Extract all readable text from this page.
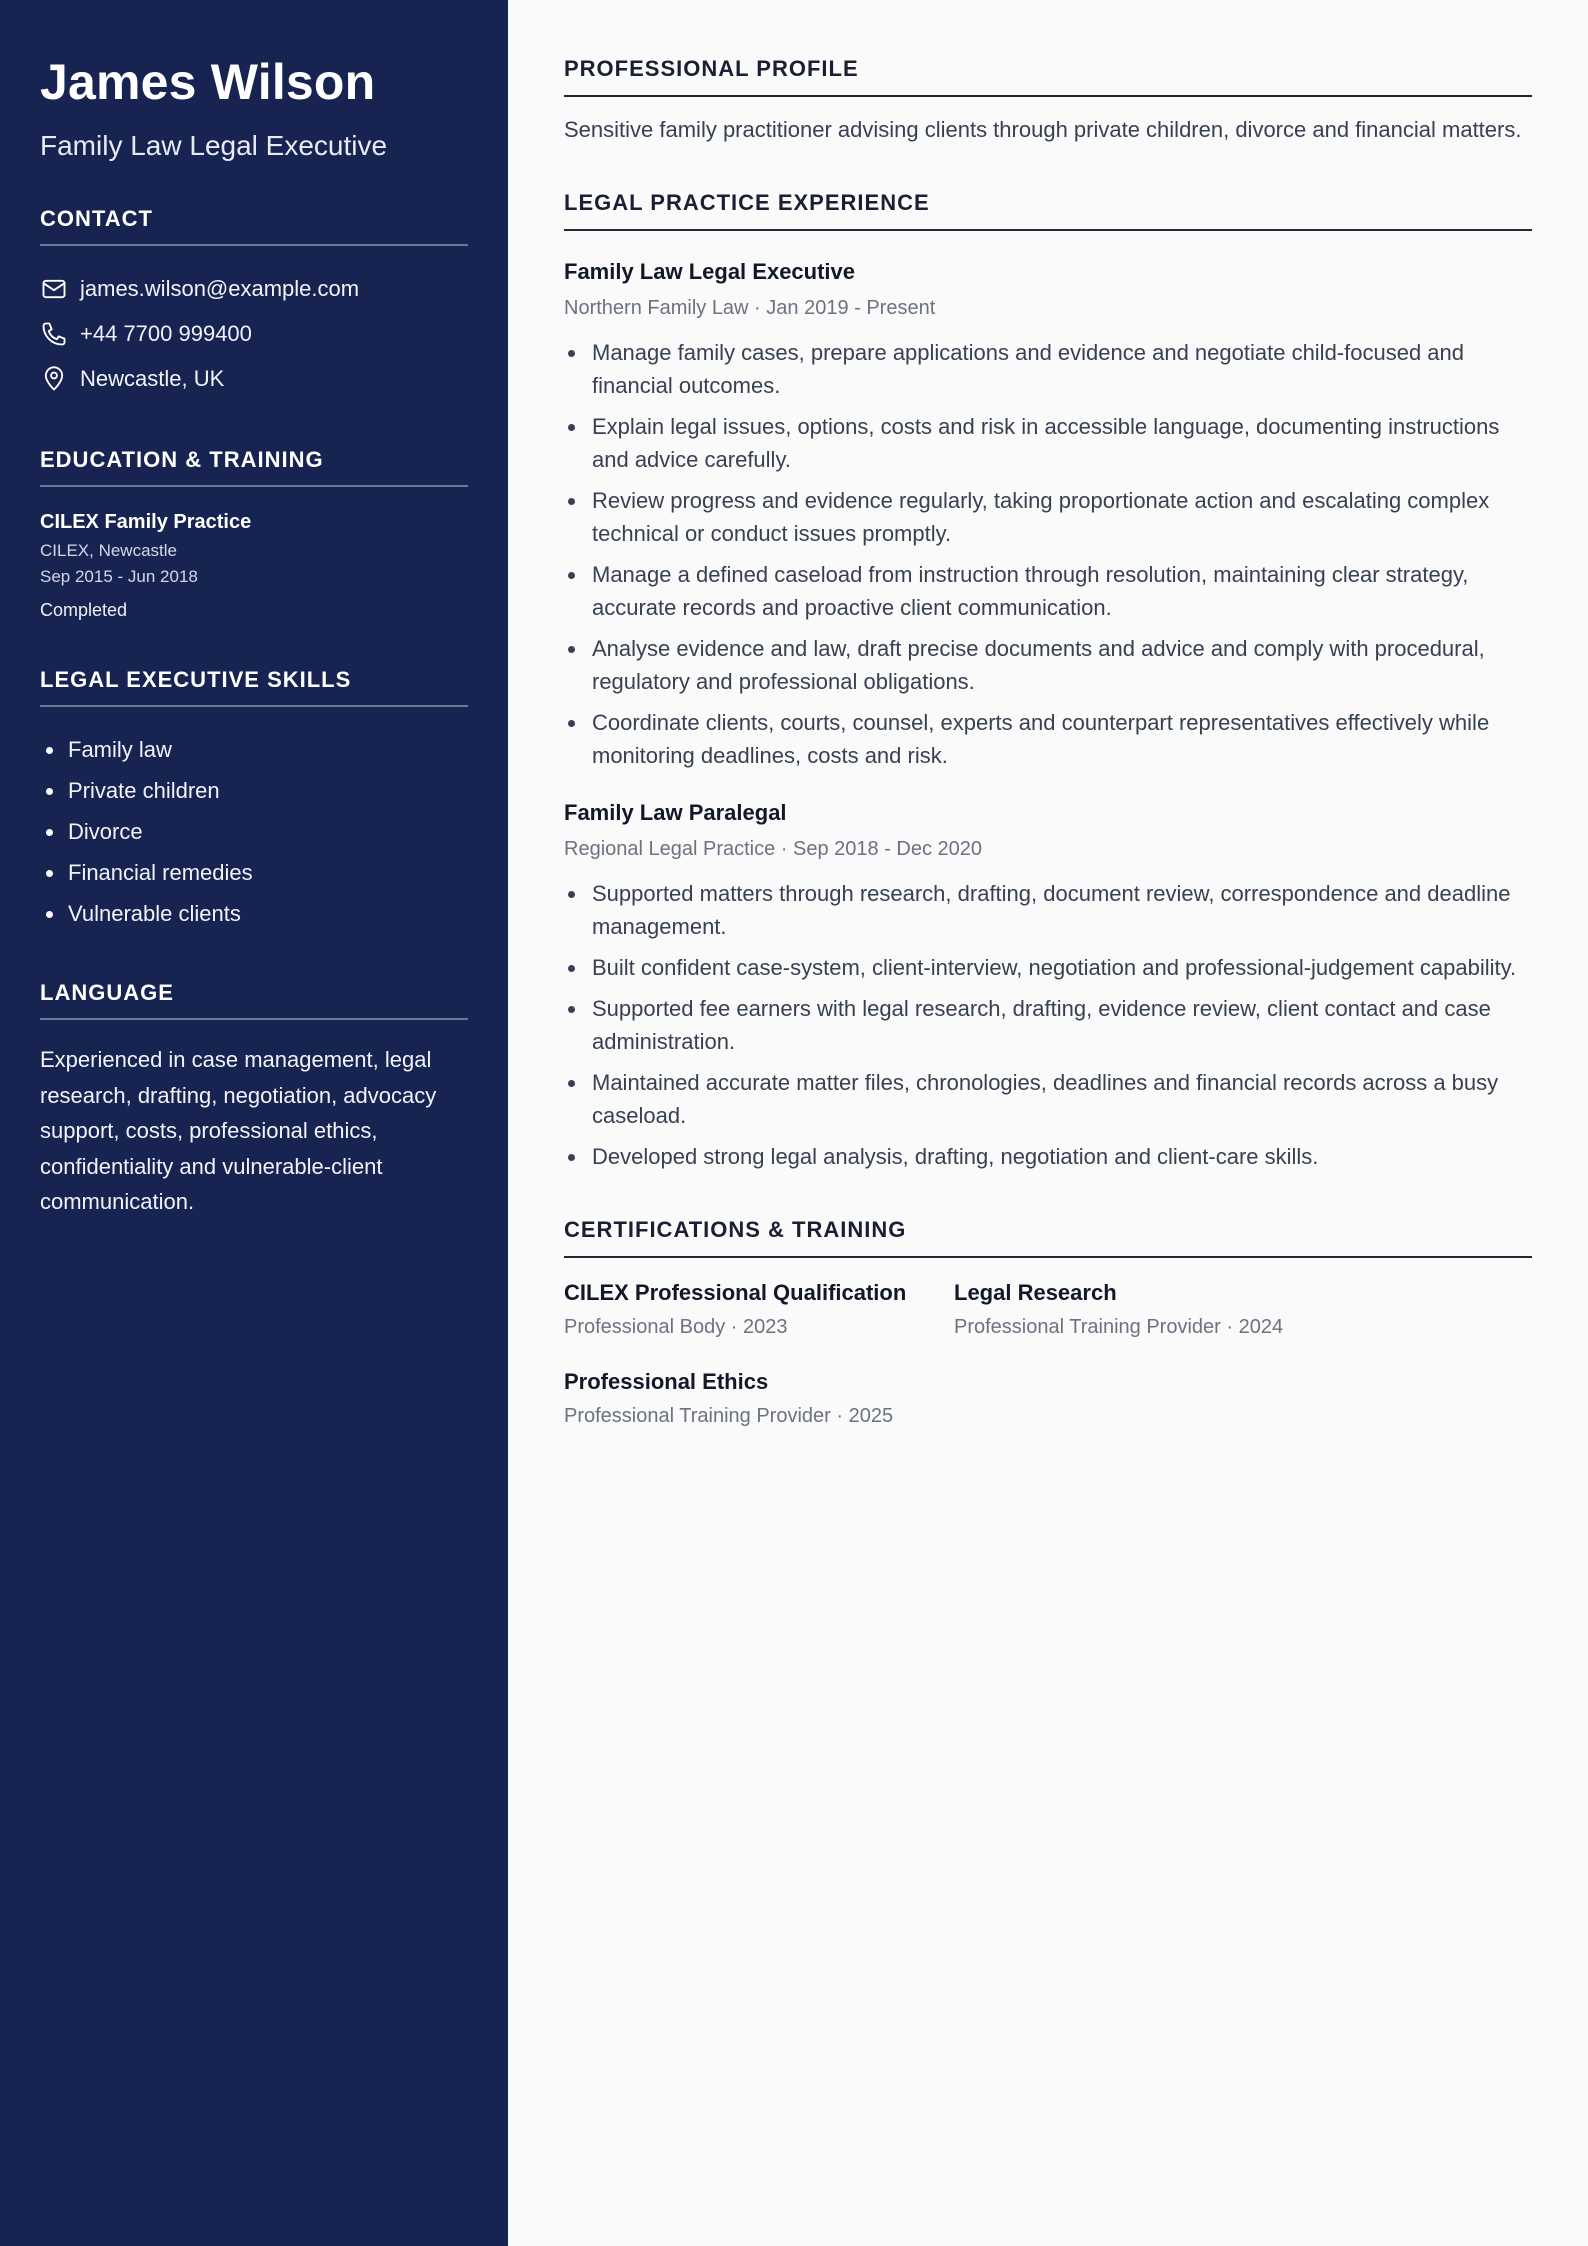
James Wilson
Family Law Legal Executive
CONTACT
james.wilson@example.com
+44 7700 999400
Newcastle, UK
EDUCATION & TRAINING
CILEX Family Practice
CILEX, Newcastle
Sep 2015 - Jun 2018
Completed
LEGAL EXECUTIVE SKILLS
Family law
Private children
Divorce
Financial remedies
Vulnerable clients
LANGUAGE

Experienced in case management, legal research, drafting, negotiation, advocacy support, costs, professional ethics, confidentiality and vulnerable-client communication.

PROFESSIONAL PROFILE

Sensitive family practitioner advising clients through private children, divorce and financial matters.

LEGAL PRACTICE EXPERIENCE
Family Law Legal Executive
Northern Family Law · Jan 2019 - Present
Manage family cases, prepare applications and evidence and negotiate child-focused and financial outcomes.
Explain legal issues, options, costs and risk in accessible language, documenting instructions and advice carefully.
Review progress and evidence regularly, taking proportionate action and escalating complex technical or conduct issues promptly.
Manage a defined caseload from instruction through resolution, maintaining clear strategy, accurate records and proactive client communication.
Analyse evidence and law, draft precise documents and advice and comply with procedural, regulatory and professional obligations.
Coordinate clients, courts, counsel, experts and counterpart representatives effectively while monitoring deadlines, costs and risk.
Family Law Paralegal
Regional Legal Practice · Sep 2018 - Dec 2020
Supported matters through research, drafting, document review, correspondence and deadline management.
Built confident case-system, client-interview, negotiation and professional-judgement capability.
Supported fee earners with legal research, drafting, evidence review, client contact and case administration.
Maintained accurate matter files, chronologies, deadlines and financial records across a busy caseload.
Developed strong legal analysis, drafting, negotiation and client-care skills.
CERTIFICATIONS & TRAINING
CILEX Professional Qualification
Professional Body · 2023
Legal Research
Professional Training Provider · 2024
Professional Ethics
Professional Training Provider · 2025
